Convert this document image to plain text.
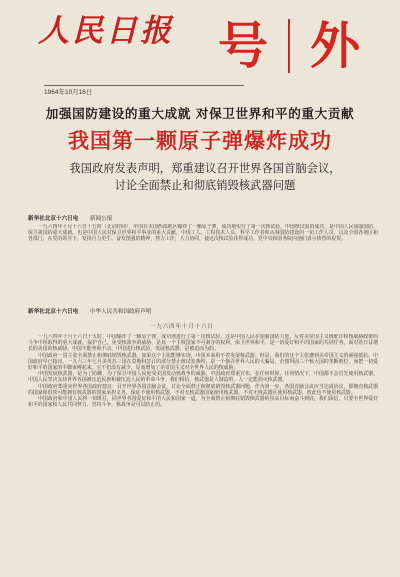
人民日报
1964年10月16日
号 外
加强国防建设的重大成就 对保卫世界和平的重大贡献
我国第一颗原子弹爆炸成功
我国政府发表声明，郑重建议召开世界各国首脑会议，
讨论全面禁止和彻底销毁核武器问题
新华社北京十六日电 新闻公报

一九六四年十月十六日十五时（北京时间），中国在本国西部地区爆炸了一颗原子弹，成功地实行了第一次核试验。中国核试验的成功，是中国人民加强国防、保卫祖国的重大成就，也是中国人民对保卫世界和平事业的重大贡献。中国工人、工程技术人员、科学工作者和从事国防建设的一切工作人员，以及全国各地区和各部门，在党的领导下，发扬自力更生、奋发图强的精神，努力工作，大力协同，使这次核试验获得成功。党中央和国务院向他们表示热烈的祝贺。

新华社北京十六日电 中华人民共和国政府声明
一九六四年十月十六日

一九六四年十月十六日十五时，中国爆炸了一颗原子弹，成功地进行了第一次核试验。这是中国人民在加强国防力量，反对美帝国主义核讹诈和核威胁政策的斗争中所取得的重大成就。保护自己，免受核战争的威胁，是每一个主权国家不可剥夺的权利。保卫世界和平，是一切爱好和平的国家的共同任务。面对着日益增长的美国的核威胁，中国不能坐视不动。中国进行核试验，发展核武器，是被迫而为的。

中国政府一贯主张全面禁止和彻底销毁核武器。如果这个主张能够实现，中国本来用不着发展核武器。但是，我们的这个主张遭到美帝国主义的顽强抵抗。中国政府早已指出，一九六三年七月美英苏三国在莫斯科签订的部分禁止核试验条约，是一个愚弄世界人民的大骗局，企图巩固三个核大国的垄断地位，而把一切爱好和平的国家的手脚束缚起来。它不但没有减少，反而增加了美帝国主义对全世界人民的核威胁。

中国发展核武器，是为了防御，为了保卫中国人民免受美国发动核战争的威胁。中国政府郑重宣布，在任何时候、任何情况下，中国都不会首先使用核武器。中国人民坚决支持世界各国被压迫民族和被压迫人民的革命斗争。我们相信，核武器是人制造的，人一定能消灭核武器。

中国政府郑重向世界各国政府建议：召开世界各国首脑会议，讨论全面禁止和彻底销毁核武器问题，作为第一步，各国首脑会议应当达成协议，即拥有核武器的国家和很快可能拥有核武器的国家承担义务，保证不使用核武器，不对无核武器国家使用核武器，不对无核武器区使用核武器，彼此也不使用核武器。

中国政府和中国人民将一如既往，同世界各国爱好和平的人民和国家一道，为全面禁止和彻底销毁核武器的崇高目标而奋斗到底。我们深信，只要全世界爱好和平的国家和人民共同努力，坚持斗争，核战争是可以防止的。
